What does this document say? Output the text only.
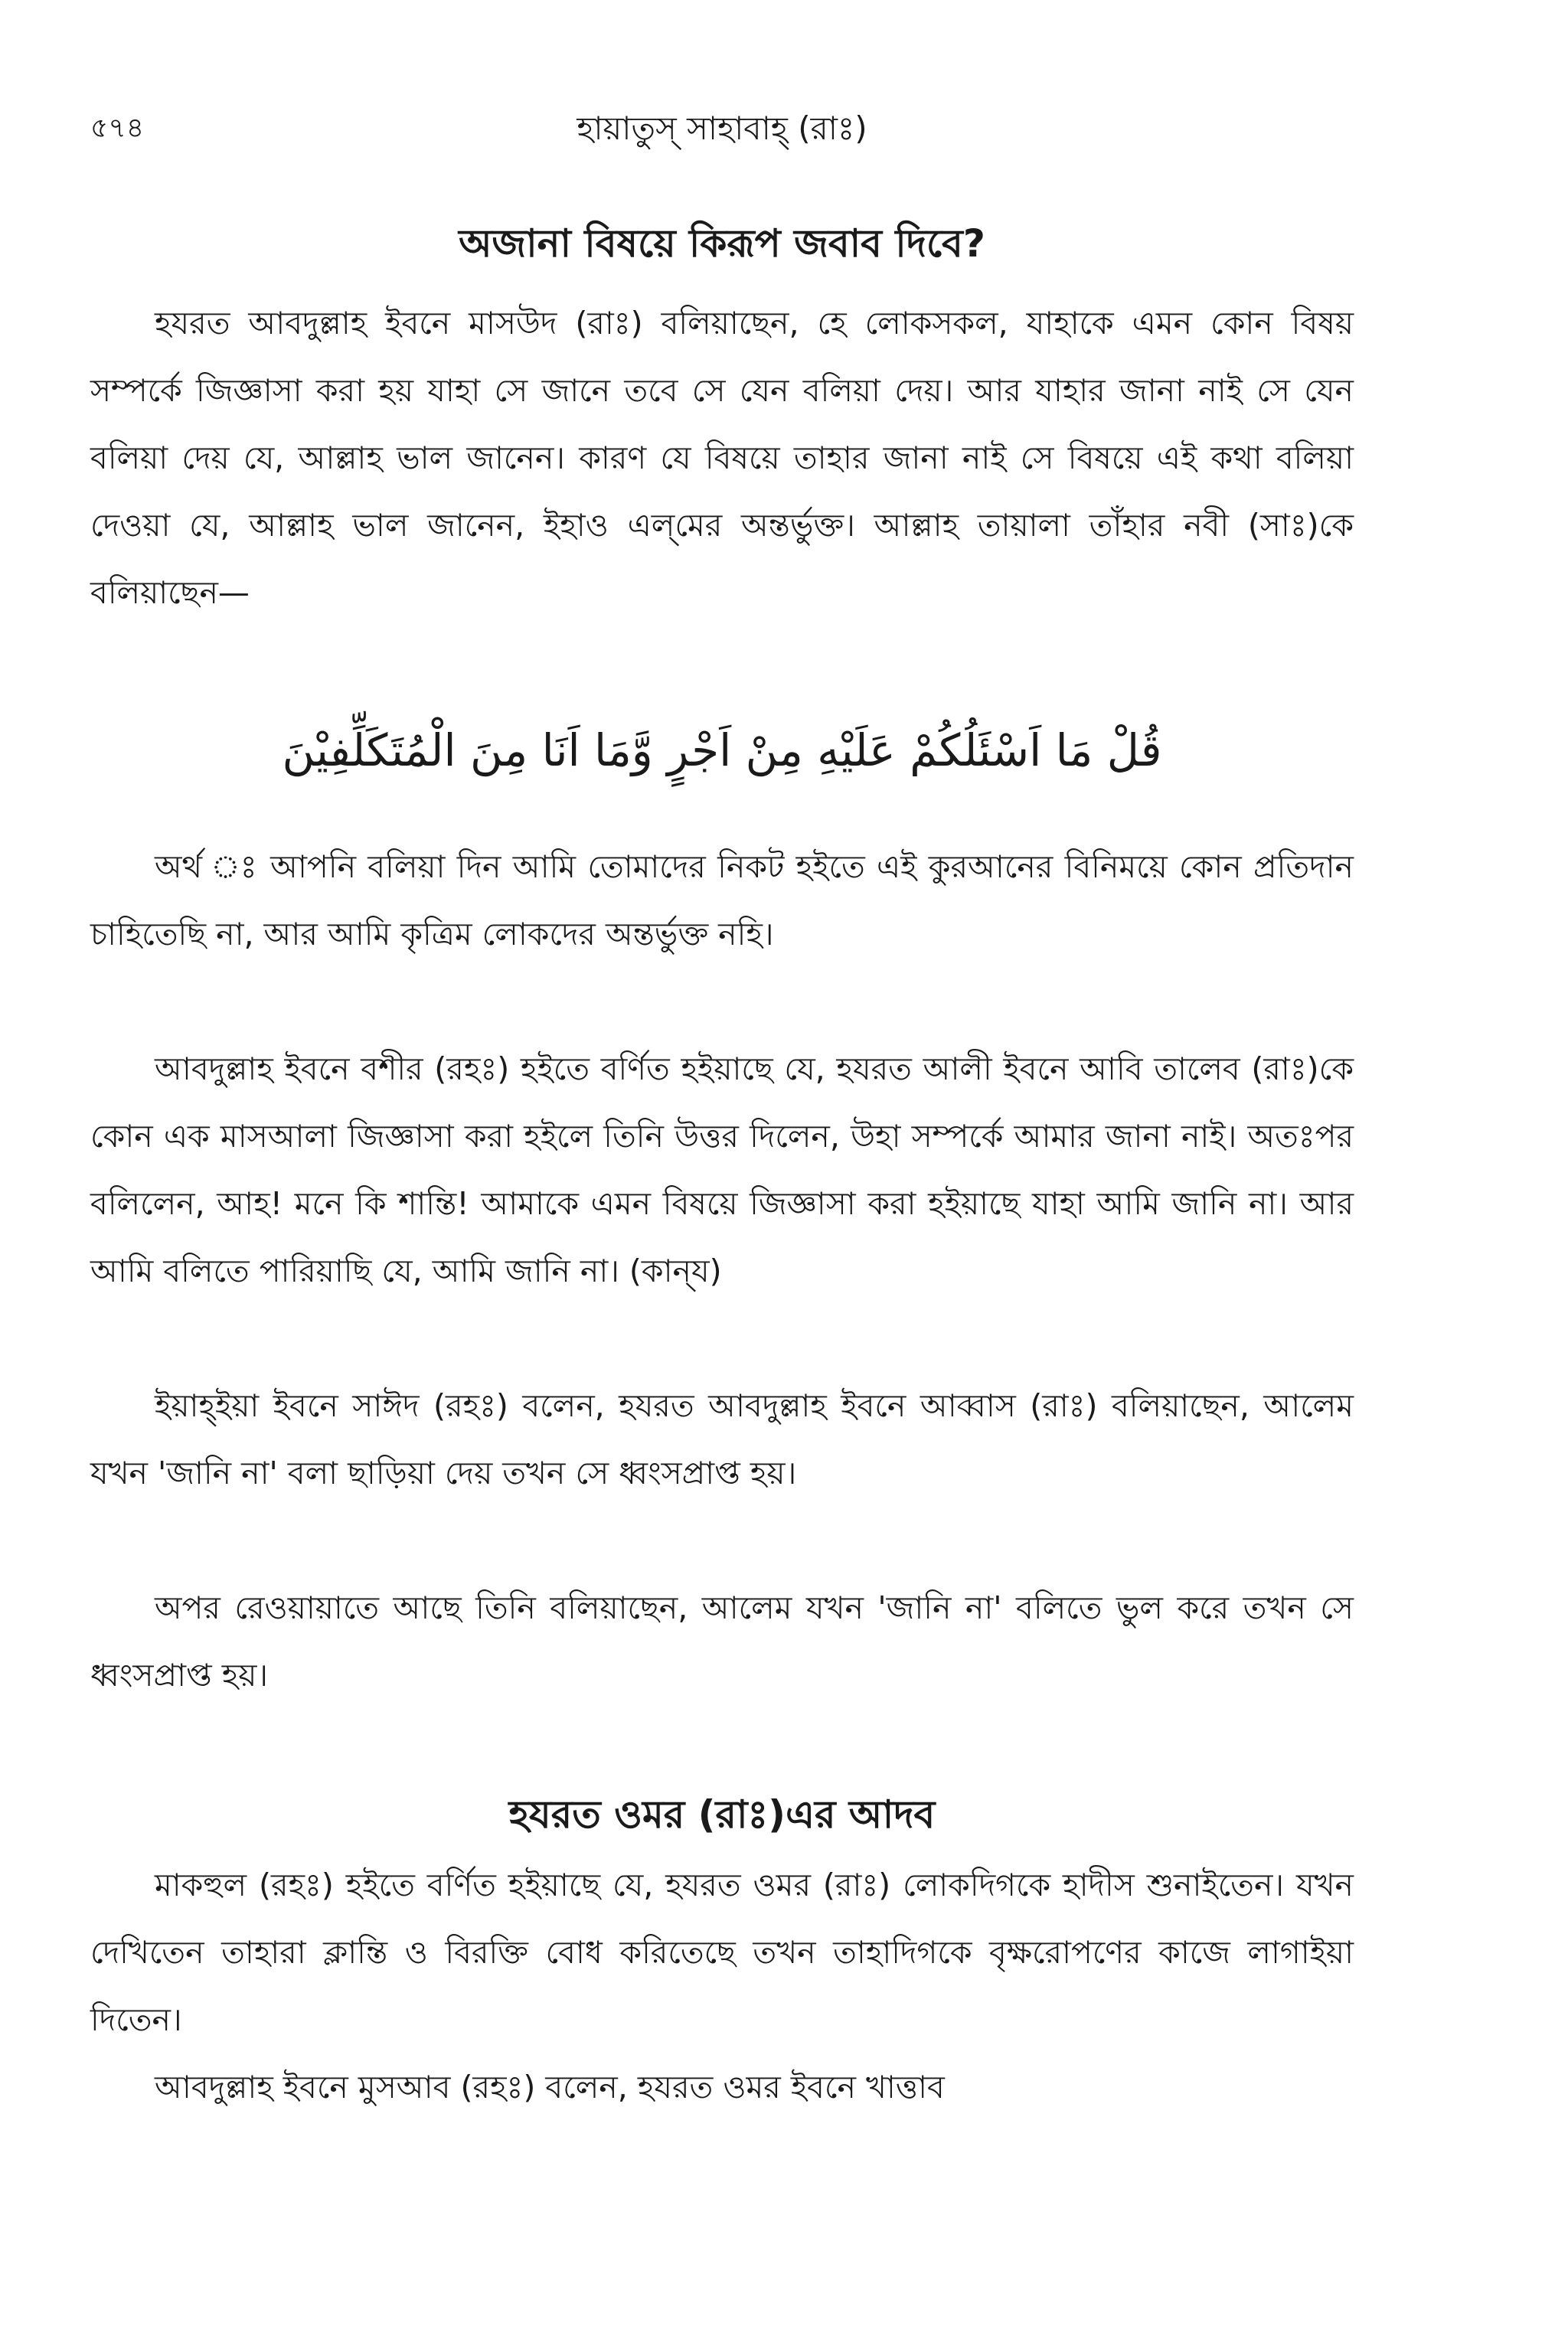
৫৭৪	হায়াতুস্ সাহাবাহ্ (রাঃ)
অজানা বিষয়ে কিরূপ জবাব দিবে?

হযরত আবদুল্লাহ ইবনে মাসউদ (রাঃ) বলিয়াছেন, হে লোকসকল, যাহাকে এমন কোন বিষয় সম্পর্কে জিজ্ঞাসা করা হয় যাহা সে জানে তবে সে যেন বলিয়া দেয়। আর যাহার জানা নাই সে যেন বলিয়া দেয় যে, আল্লাহ ভাল জানেন। কারণ যে বিষয়ে তাহার জানা নাই সে বিষয়ে এই কথা বলিয়া দেওয়া যে, আল্লাহ ভাল জানেন, ইহাও এল্‌মের অন্তর্ভুক্ত। আল্লাহ তায়ালা তাঁহার নবী (সাঃ)কে বলিয়াছেন—

قُلْ مَا اَسْئَلُكُمْ عَلَيْهِ مِنْ اَجْرٍ وَّمَا اَنَا مِنَ الْمُتَكَلِّفِيْنَ

অর্থ ঃ আপনি বলিয়া দিন আমি তোমাদের নিকট হইতে এই কুরআনের বিনিময়ে কোন প্রতিদান চাহিতেছি না, আর আমি কৃত্রিম লোকদের অন্তর্ভুক্ত নহি।

আবদুল্লাহ ইবনে বশীর (রহঃ) হইতে বর্ণিত হইয়াছে যে, হযরত আলী ইবনে আবি তালেব (রাঃ)কে কোন এক মাসআলা জিজ্ঞাসা করা হইলে তিনি উত্তর দিলেন, উহা সম্পর্কে আমার জানা নাই। অতঃপর বলিলেন, আহ! মনে কি শান্তি! আমাকে এমন বিষয়ে জিজ্ঞাসা করা হইয়াছে যাহা আমি জানি না। আর আমি বলিতে পারিয়াছি যে, আমি জানি না। (কান্‌য)

ইয়াহ্ইয়া ইবনে সাঈদ (রহঃ) বলেন, হযরত আবদুল্লাহ ইবনে আব্বাস (রাঃ) বলিয়াছেন, আলেম যখন 'জানি না' বলা ছাড়িয়া দেয় তখন সে ধ্বংসপ্রাপ্ত হয়।

অপর রেওয়ায়াতে আছে তিনি বলিয়াছেন, আলেম যখন 'জানি না' বলিতে ভুল করে তখন সে ধ্বংসপ্রাপ্ত হয়।

হযরত ওমর (রাঃ)এর আদব

মাকহুল (রহঃ) হইতে বর্ণিত হইয়াছে যে, হযরত ওমর (রাঃ) লোকদিগকে হাদীস শুনাইতেন। যখন দেখিতেন তাহারা ক্লান্তি ও বিরক্তি বোধ করিতেছে তখন তাহাদিগকে বৃক্ষরোপণের কাজে লাগাইয়া দিতেন।

আবদুল্লাহ ইবনে মুসআব (রহঃ) বলেন, হযরত ওমর ইবনে খাত্তাব
